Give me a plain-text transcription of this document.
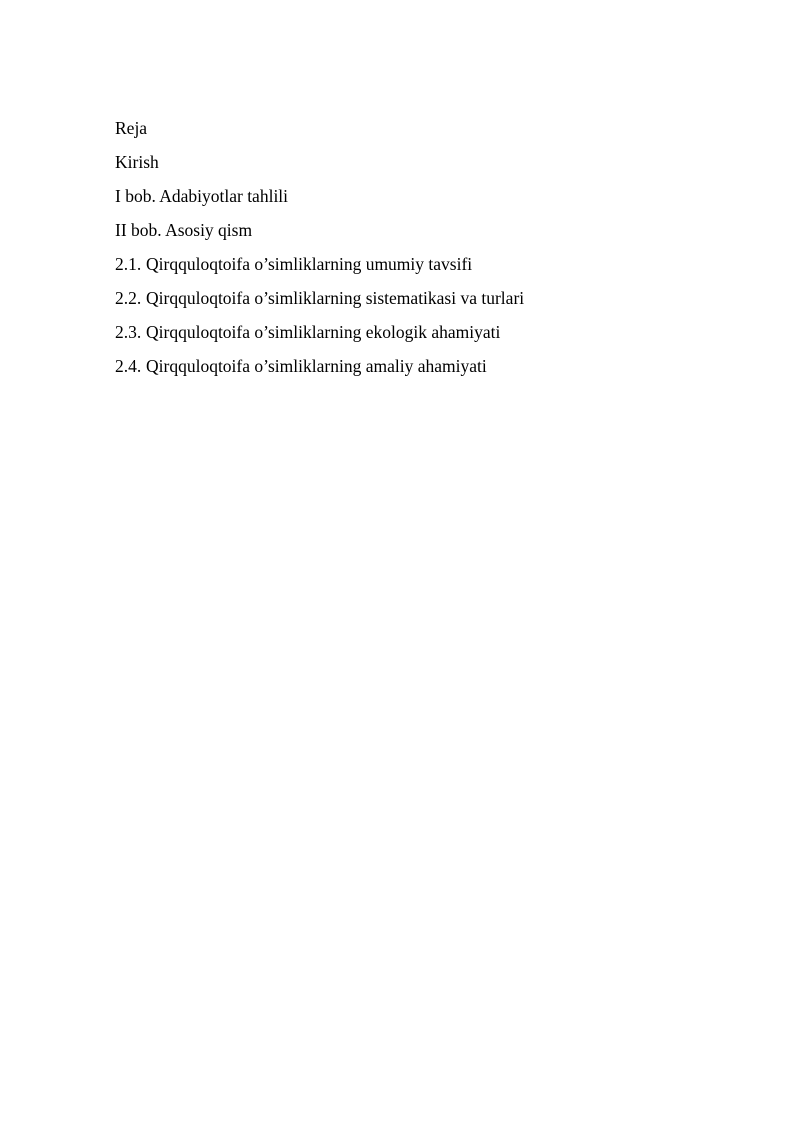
Reja

Kirish

I bob. Adabiyotlar tahlili

II bob. Asosiy qism

2.1. Qirqquloqtoifa o’simliklarning umumiy tavsifi

2.2. Qirqquloqtoifa o’simliklarning sistematikasi va turlari

2.3. Qirqquloqtoifa o’simliklarning ekologik ahamiyati

2.4. Qirqquloqtoifa o’simliklarning amaliy ahamiyati
